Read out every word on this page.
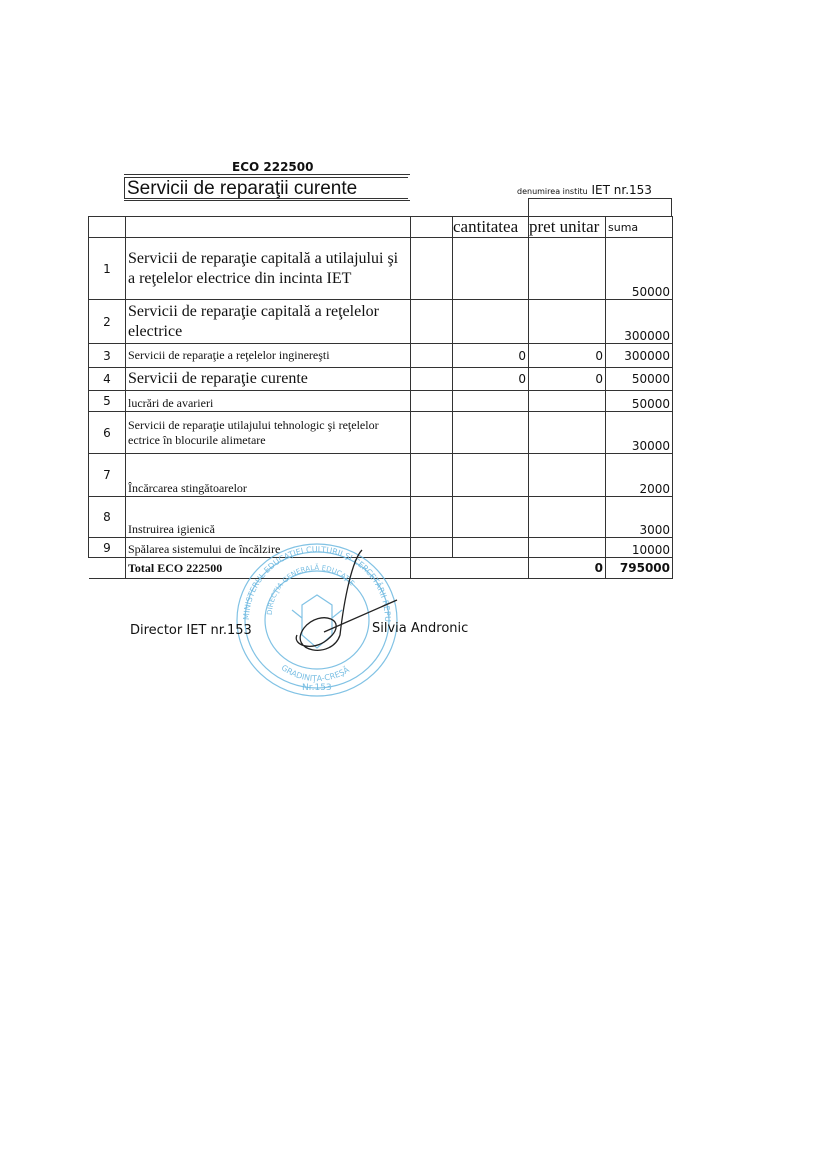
ECO 222500
Servicii de reparaţii curente	denumirea institu IET nr.153
			cantitatea	pret unitar	suma
1	Servicii de reparaţie capitală a utilajului şi a reţelelor electrice din incinta IET				50000
2	Servicii de reparaţie capitală a reţelelor electrice				300000
3	Servicii de reparaţie a reţelelor inginereşti		0	0	300000
4	Servicii de reparaţie curente		0	0	50000
5	lucrări de avarieri				50000
6	Servicii de reparaţie utilajului tehnologic şi reţelelor ectrice în blocurile alimetare				30000
7	Încărcarea stingătoarelor				2000
8	Instruirea igienică				3000
9	Spălarea sistemului de încălzire				10000
	Total ECO 222500			0	795000
MINISTERUL EDUCAŢIEI CULTURII ŞI CERCETĂRII REPU
DIRECŢIA GENERALĂ EDUCAŢIE
GRADINIŢA-CREŞĂ
Nr.153
Director IET nr.153	Silvia Andronic
